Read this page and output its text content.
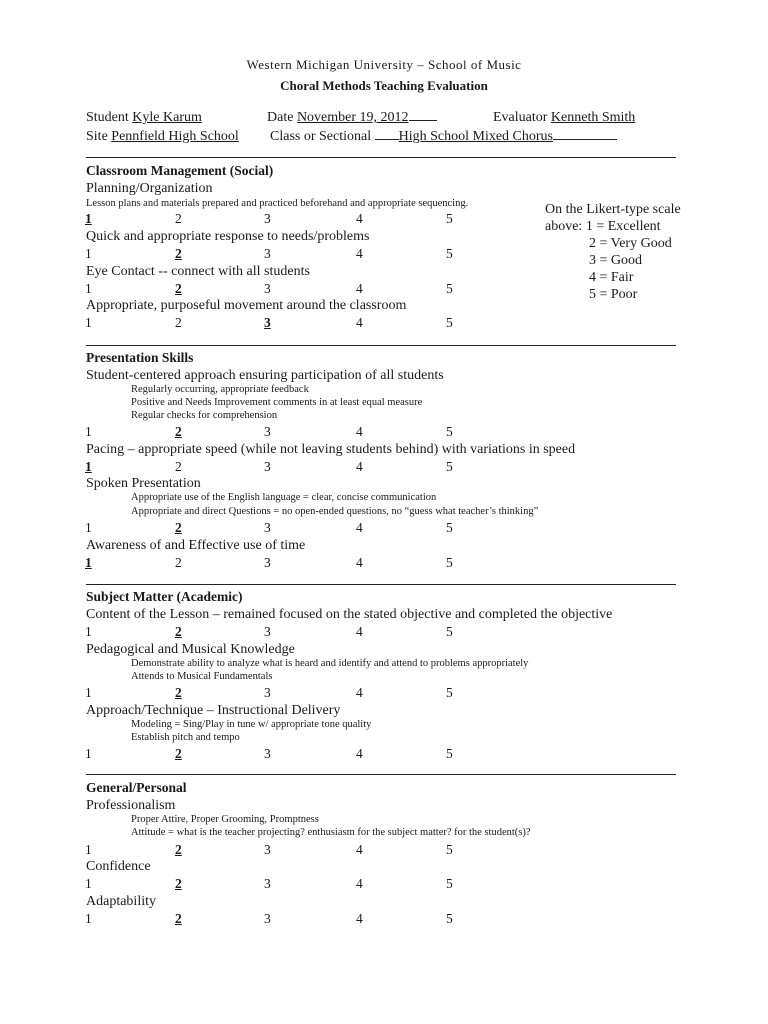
Western Michigan University – School of Music
Choral Methods Teaching Evaluation
Student Kyle Karum	Date November 19, 2012	Evaluator Kenneth Smith
Site Pennfield High School Class or Sectional High School Mixed Chorus
On the Likert-type scale
above: 1 = Excellent
2 = Very Good
3 = Good
4 = Fair
5 = Poor
Classroom Management (Social)
Planning/Organization
Lesson plans and materials prepared and practiced beforehand and appropriate sequencing.
1	2	3	4	5
Quick and appropriate response to needs/problems
1	2	3	4	5
Eye Contact -- connect with all students
1	2	3	4	5
Appropriate, purposeful movement around the classroom
1	2	3	4	5
Presentation Skills
Student-centered approach ensuring participation of all students
Regularly occurring, appropriate feedback
Positive and Needs Improvement comments in at least equal measure
Regular checks for comprehension
1	2	3	4	5
Pacing – appropriate speed (while not leaving students behind) with variations in speed
1	2	3	4	5
Spoken Presentation
Appropriate use of the English language = clear, concise communication
Appropriate and direct Questions = no open-ended questions, no “guess what teacher’s thinking”
1	2	3	4	5
Awareness of and Effective use of time
1	2	3	4	5
Subject Matter (Academic)
Content of the Lesson – remained focused on the stated objective and completed the objective
1	2	3	4	5
Pedagogical and Musical Knowledge
Demonstrate ability to analyze what is heard and identify and attend to problems appropriately
Attends to Musical Fundamentals
1	2	3	4	5
Approach/Technique – Instructional Delivery
Modeling = Sing/Play in tune w/ appropriate tone quality
Establish pitch and tempo
1	2	3	4	5
General/Personal
Professionalism
Proper Attire, Proper Grooming, Promptness
Attitude = what is the teacher projecting? enthusiasm for the subject matter? for the student(s)?
1	2	3	4	5
Confidence
1	2	3	4	5
Adaptability
1	2	3	4	5
